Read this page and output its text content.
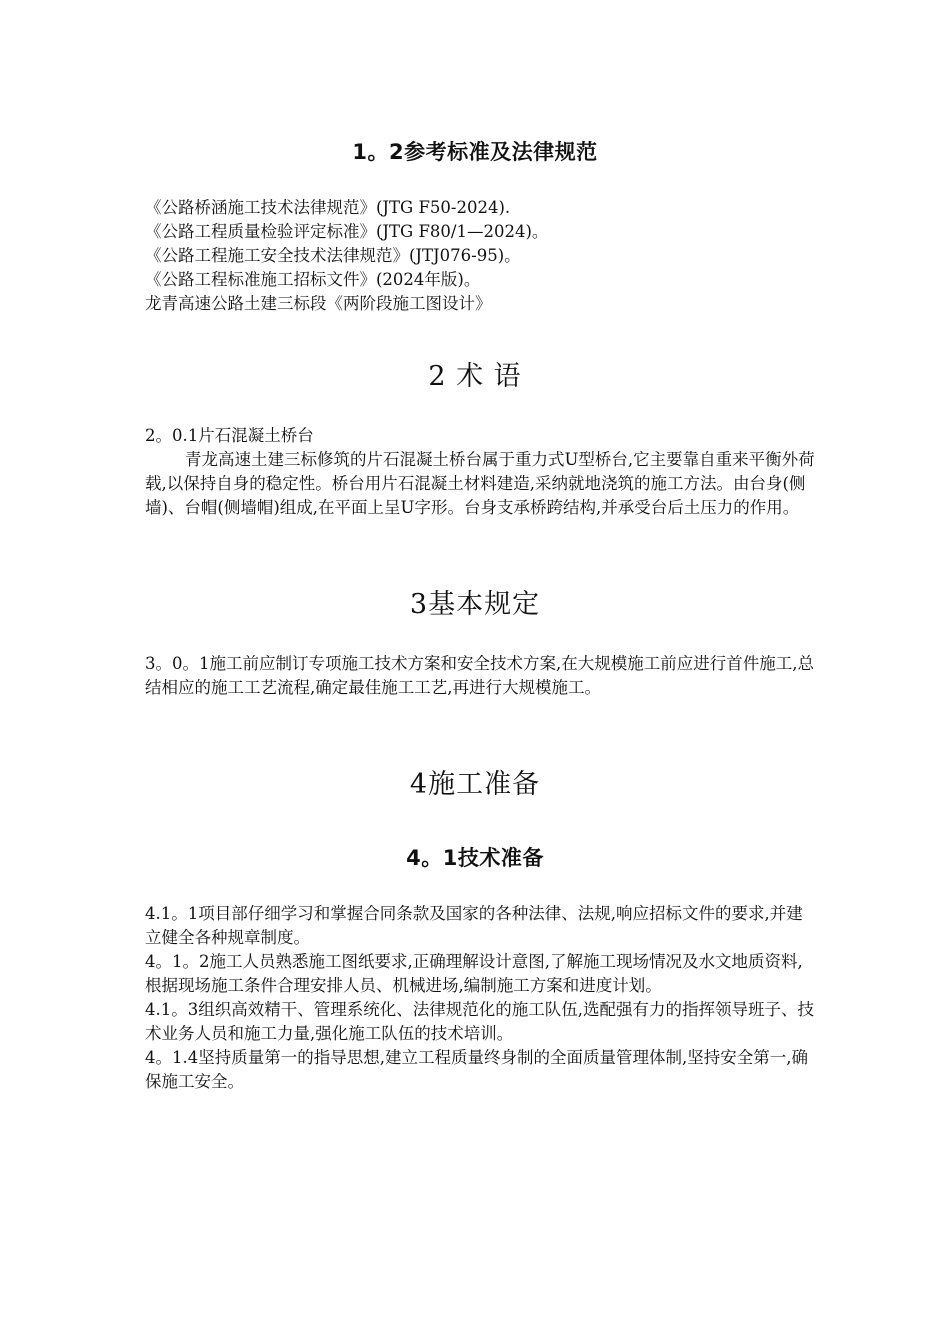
1。2参考标准及法律规范
《公路桥涵施工技术法律规范》(JTG F50-2024).
《公路工程质量检验评定标准》(JTG F80/1—2024)。
《公路工程施工安全技术法律规范》(JTJ076-95)。
《公路工程标准施工招标文件》(2024年版)。
龙青高速公路土建三标段《两阶段施工图设计》
2 术 语

2。0.1片石混凝土桥台

青龙高速土建三标修筑的片石混凝土桥台属于重力式U型桥台,它主要靠自重来平衡外荷载,以保持自身的稳定性。桥台用片石混凝土材料建造,采纳就地浇筑的施工方法。由台身(侧墙)、台帽(侧墙帽)组成,在平面上呈U字形。台身支承桥跨结构,并承受台后土压力的作用。

3基本规定

3。0。1施工前应制订专项施工技术方案和安全技术方案,在大规模施工前应进行首件施工,总结相应的施工工艺流程,确定最佳施工工艺,再进行大规模施工。

4施工准备
4。1技术准备

4.1。1项目部仔细学习和掌握合同条款及国家的各种法律、法规,响应招标文件的要求,并建立健全各种规章制度。

4。1。2施工人员熟悉施工图纸要求,正确理解设计意图,了解施工现场情况及水文地质资料,根据现场施工条件合理安排人员、机械进场,编制施工方案和进度计划。

4.1。3组织高效精干、管理系统化、法律规范化的施工队伍,选配强有力的指挥领导班子、技术业务人员和施工力量,强化施工队伍的技术培训。

4。1.4坚持质量第一的指导思想,建立工程质量终身制的全面质量管理体制,坚持安全第一,确保施工安全。
